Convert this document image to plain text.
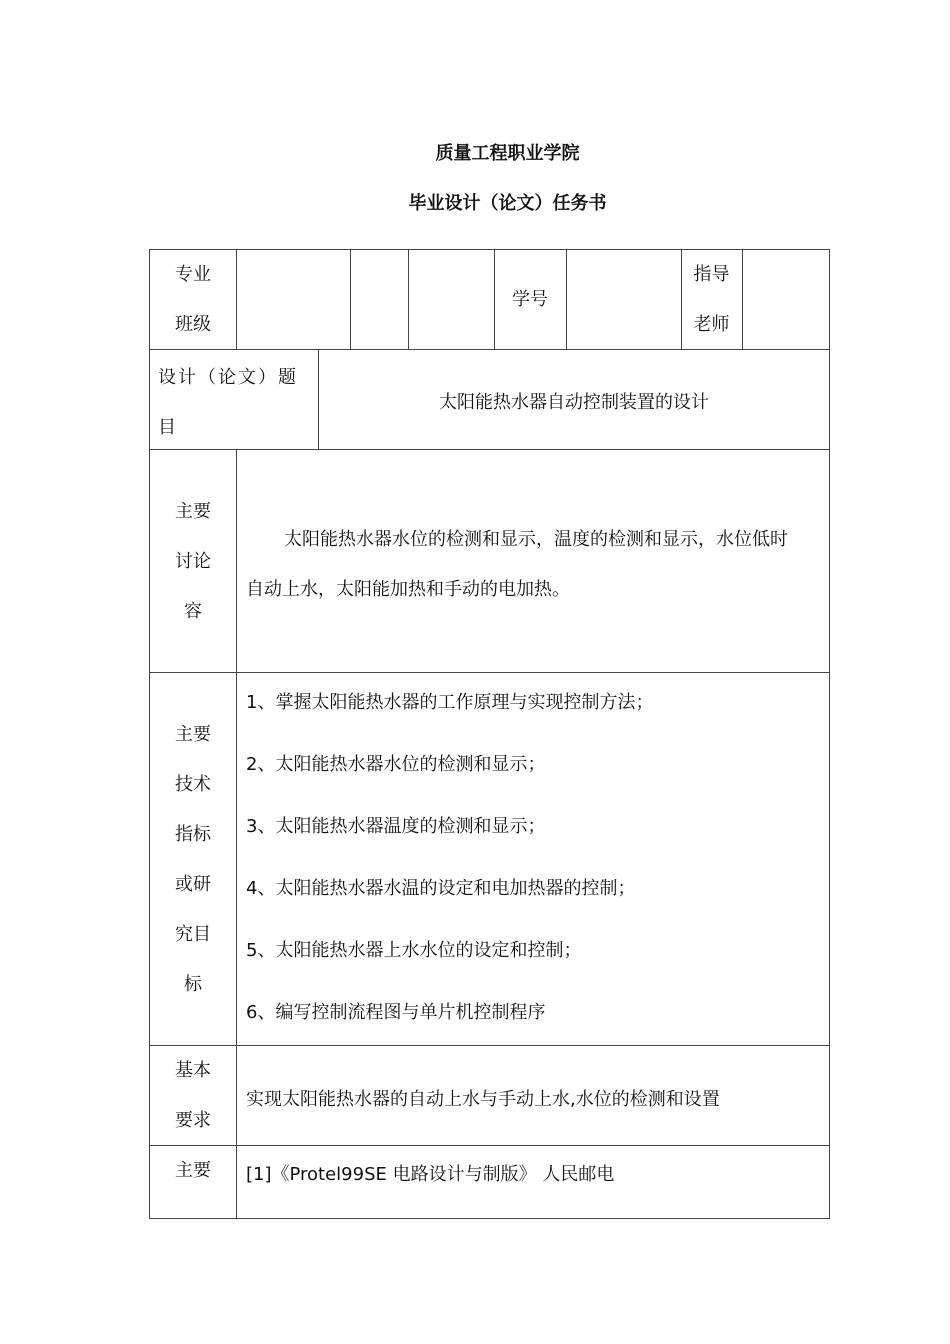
质量工程职业学院
毕业设计（论文）任务书
专业
班级
学号
指导
老师
设计（论文）题
目
太阳能热水器自动控制装置的设计
主要
讨论
容
太阳能热水器水位的检测和显示，温度的检测和显示，水位低时
自动上水，太阳能加热和手动的电加热。
主要
技术
指标
或研
究目
标
1、掌握太阳能热水器的工作原理与实现控制方法；
2、太阳能热水器水位的检测和显示；
3、太阳能热水器温度的检测和显示；
4、太阳能热水器水温的设定和电加热器的控制；
5、太阳能热水器上水水位的设定和控制；
6、编写控制流程图与单片机控制程序
基本
要求
实现太阳能热水器的自动上水与手动上水,水位的检测和设置
主要	[1]《Protel99SE 电路设计与制版》 人民邮电
